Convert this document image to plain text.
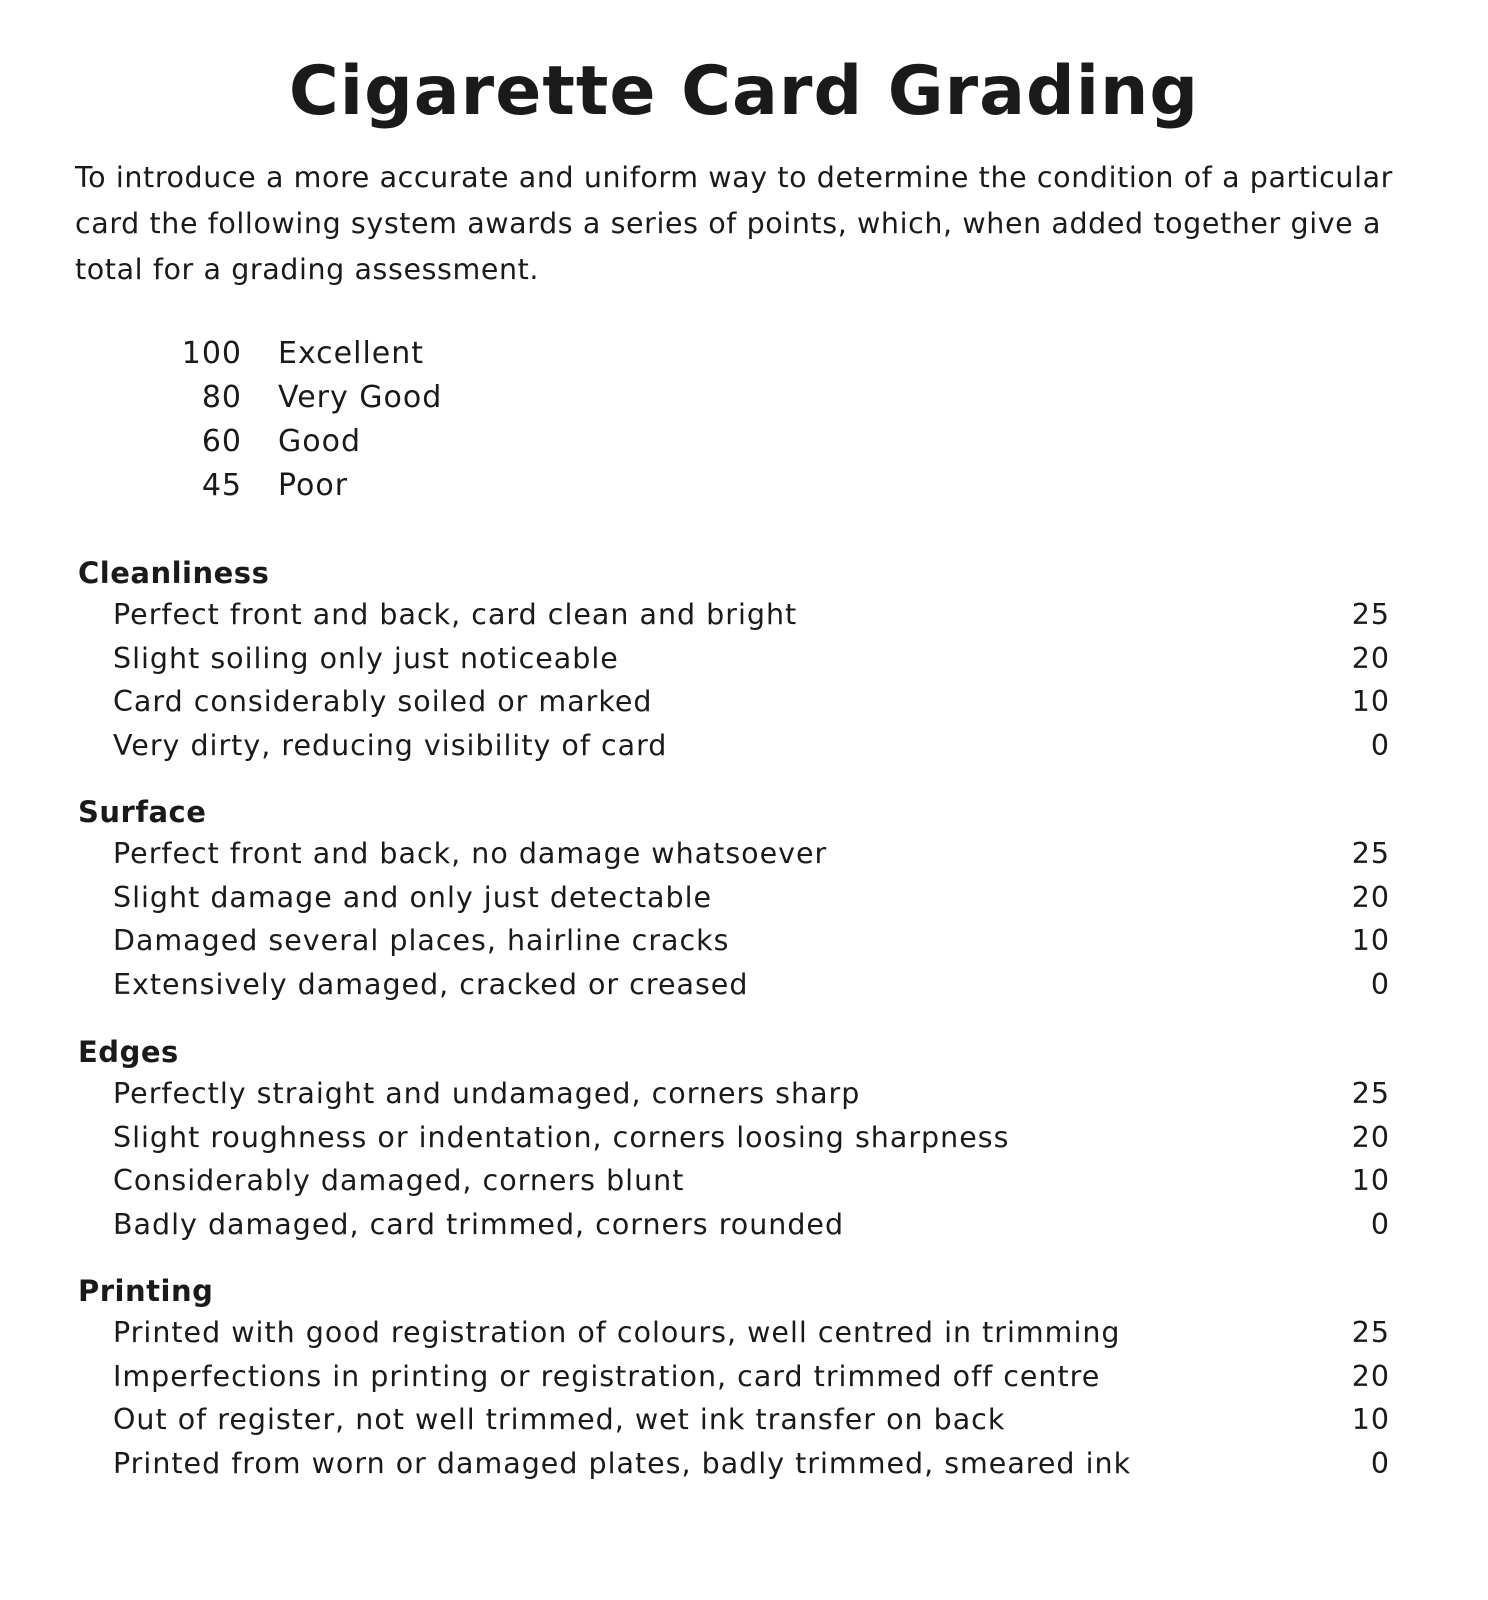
Cigarette Card Grading

To introduce a more accurate and uniform way to determine the condition of a particular card the following system awards a series of points, which, when added together give a total for a grading assessment.

100 Excellent
80 Very Good
60 Good
45 Poor
Cleanliness
Perfect front and back, card clean and bright	25
Slight soiling only just noticeable	20
Card considerably soiled or marked	10
Very dirty, reducing visibility of card	0
Surface
Perfect front and back, no damage whatsoever	25
Slight damage and only just detectable	20
Damaged several places, hairline cracks	10
Extensively damaged, cracked or creased	0
Edges
Perfectly straight and undamaged, corners sharp	25
Slight roughness or indentation, corners loosing sharpness	20
Considerably damaged, corners blunt	10
Badly damaged, card trimmed, corners rounded	0
Printing
Printed with good registration of colours, well centred in trimming	25
Imperfections in printing or registration, card trimmed off centre	20
Out of register, not well trimmed, wet ink transfer on back	10
Printed from worn or damaged plates, badly trimmed, smeared ink	0
